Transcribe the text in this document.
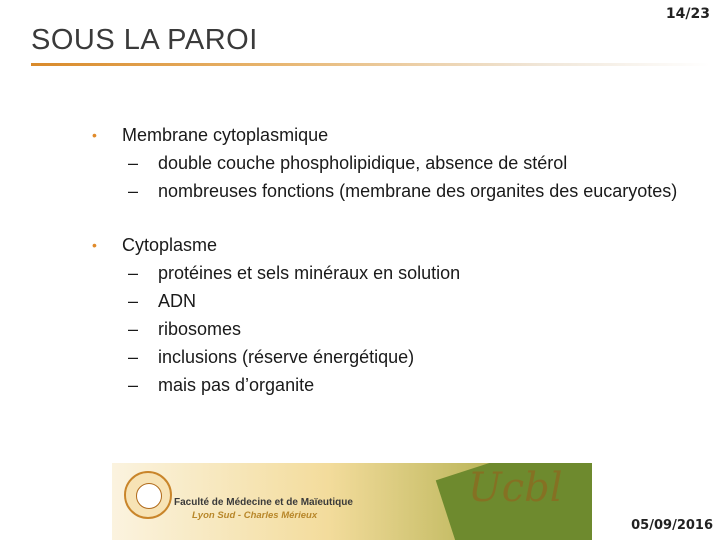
SOUS LA PAROI
14/23
• Membrane cytoplasmique
– double couche phospholipidique, absence de stérol
– nombreuses fonctions (membrane des organites des eucaryotes)
• Cytoplasme
– protéines et sels minéraux en solution
– ADN
– ribosomes
– inclusions (réserve énergétique)
– mais pas d’organite
Faculté de Médecine et de Maïeutique
Lyon Sud - Charles Mérieux
Ucbl
05/09/2016
